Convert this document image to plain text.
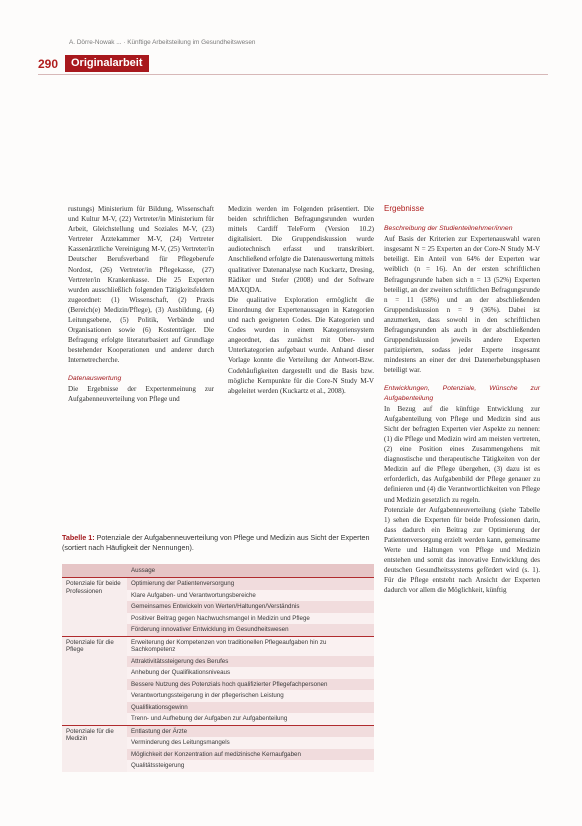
A. Dörre-Nowak ... · Künftige Arbeitsteilung im Gesundheitswesen
290	Originalarbeit

rustungs) Ministerium für Bildung, Wissenschaft und Kultur M-V, (22) Vertreter/in Ministerium für Arbeit, Gleichstellung und Soziales M-V, (23) Vertreter Ärztekammer M-V, (24) Vertreter Kassenärztliche Vereinigung M-V, (25) Vertreter/in Deutscher Berufsverband für Pflegeberufe Nordost, (26) Vertreter/in Pflegekasse, (27) Vertreter/in Krankenkasse. Die 25 Experten wurden ausschließlich folgenden Tätigkeitsfeldern zugeordnet: (1) Wissenschaft, (2) Praxis (Bereich(e) Medizin/Pflege), (3) Ausbildung, (4) Leitungsebene, (5) Politik, Verbände und Organisationen sowie (6) Kostenträger. Die Befragung erfolgte literaturbasiert auf Grundlage bestehender Kooperationen und anderer durch Internetrecherche.

Datenauswertung

Die Ergebnisse der Expertenmeinung zur Aufgabenneuverteilung von Pflege und

Medizin werden im Folgenden präsentiert. Die beiden schriftlichen Befragungsrunden wurden mittels Cardiff TeleForm (Version 10.2) digitalisiert. Die Gruppendiskussion wurde audiotechnisch erfasst und transkribiert. Anschließend erfolgte die Datenauswertung mittels qualitativer Datenanalyse nach Kuckartz, Dresing, Rädiker und Stefer (2008) und der Software MAXQDA.

Die qualitative Exploration ermöglicht die Einordnung der Expertenaussagen in Kategorien und nach geeigneten Codes. Die Kategorien und Codes wurden in einem Kategoriensystem angeordnet, das zunächst mit Ober- und Unterkategorien aufgebaut wurde. Anhand dieser Vorlage konnte die Verteilung der Antwort-Bzw. Codehäufigkeiten dargestellt und die Basis bzw. mögliche Kernpunkte für die Core-N Study M-V abgeleitet werden (Kuckartz et al., 2008).

Ergebnisse

Beschreibung der Studienteilnehmer/innen

Auf Basis der Kriterien zur Expertenauswahl waren insgesamt N = 25 Experten an der Core-N Study M-V beteiligt. Ein Anteil von 64% der Experten war weiblich (n = 16). An der ersten schriftlichen Befragungsrunde haben sich n = 13 (52%) Experten beteiligt, an der zweiten schriftlichen Befragungsrunde n = 11 (58%) und an der abschließenden Gruppendiskussion n = 9 (36%). Dabei ist anzumerken, dass sowohl in den schriftlichen Befragungsrunden als auch in der abschließenden Gruppendiskussion jeweils andere Experten partizipierten, sodass jeder Experte insgesamt mindestens an einer der drei Datenerhebungsphasen beteiligt war.

Entwicklungen, Potenziale, Wünsche zur Aufgabenteilung

In Bezug auf die künftige Entwicklung zur Aufgabenteilung von Pflege und Medizin sind aus Sicht der befragten Experten vier Aspekte zu nennen: (1) die Pflege und Medizin wird am meisten vertreten, (2) eine Position eines Zusammengehens mit diagnostische und therapeutische Tätigkeiten von der Medizin auf die Pflege übergehen, (3) dazu ist es erforderlich, das Aufgabenbild der Pflege genauer zu definieren und (4) die Verantwortlichkeiten von Pflege und Medizin gesetzlich zu regeln.

Potenziale der Aufgabenneuverteilung (siehe Tabelle 1) sehen die Experten für beide Professionen darin, dass dadurch ein Beitrag zur Optimierung der Patientenversorgung erzielt werden kann, gemeinsame Werte und Haltungen von Pflege und Medizin entstehen und somit das innovative Entwicklung des deutschen Gesundheitssystems gefördert wird (s. 1). Für die Pflege entsteht nach Ansicht der Experten dadurch vor allem die Möglichkeit, künftig

Tabelle 1: Potenziale der Aufgabenneuverteilung von Pflege und Medizin aus Sicht der Experten (sortiert nach Häufigkeit der Nennungen).
	Aussage
Potenziale für beide Professionen	Optimierung der Patientenversorgung
	Klare Aufgaben- und Verantwortungsbereiche
	Gemeinsames Entwickeln von Werten/Haltungen/Verständnis
	Positiver Beitrag gegen Nachwuchsmangel in Medizin und Pflege
	Förderung innovativer Entwicklung im Gesundheitswesen
Potenziale für die Pflege	Erweiterung der Kompetenzen von traditionellen Pflegeaufgaben hin zu Sachkompetenz
	Attraktivitätssteigerung des Berufes
	Anhebung der Qualifikationsniveaus
	Bessere Nutzung des Potenzials hoch qualifizierter Pflegefachpersonen
	Verantwortungssteigerung in der pflegerischen Leistung
	Qualifikationsgewinn
	Trenn- und Aufhebung der Aufgaben zur Aufgabenteilung
Potenziale für die Medizin	Entlastung der Ärzte
	Verminderung des Leitungsmangels
	Möglichkeit der Konzentration auf medizinische Kernaufgaben
	Qualitätssteigerung
